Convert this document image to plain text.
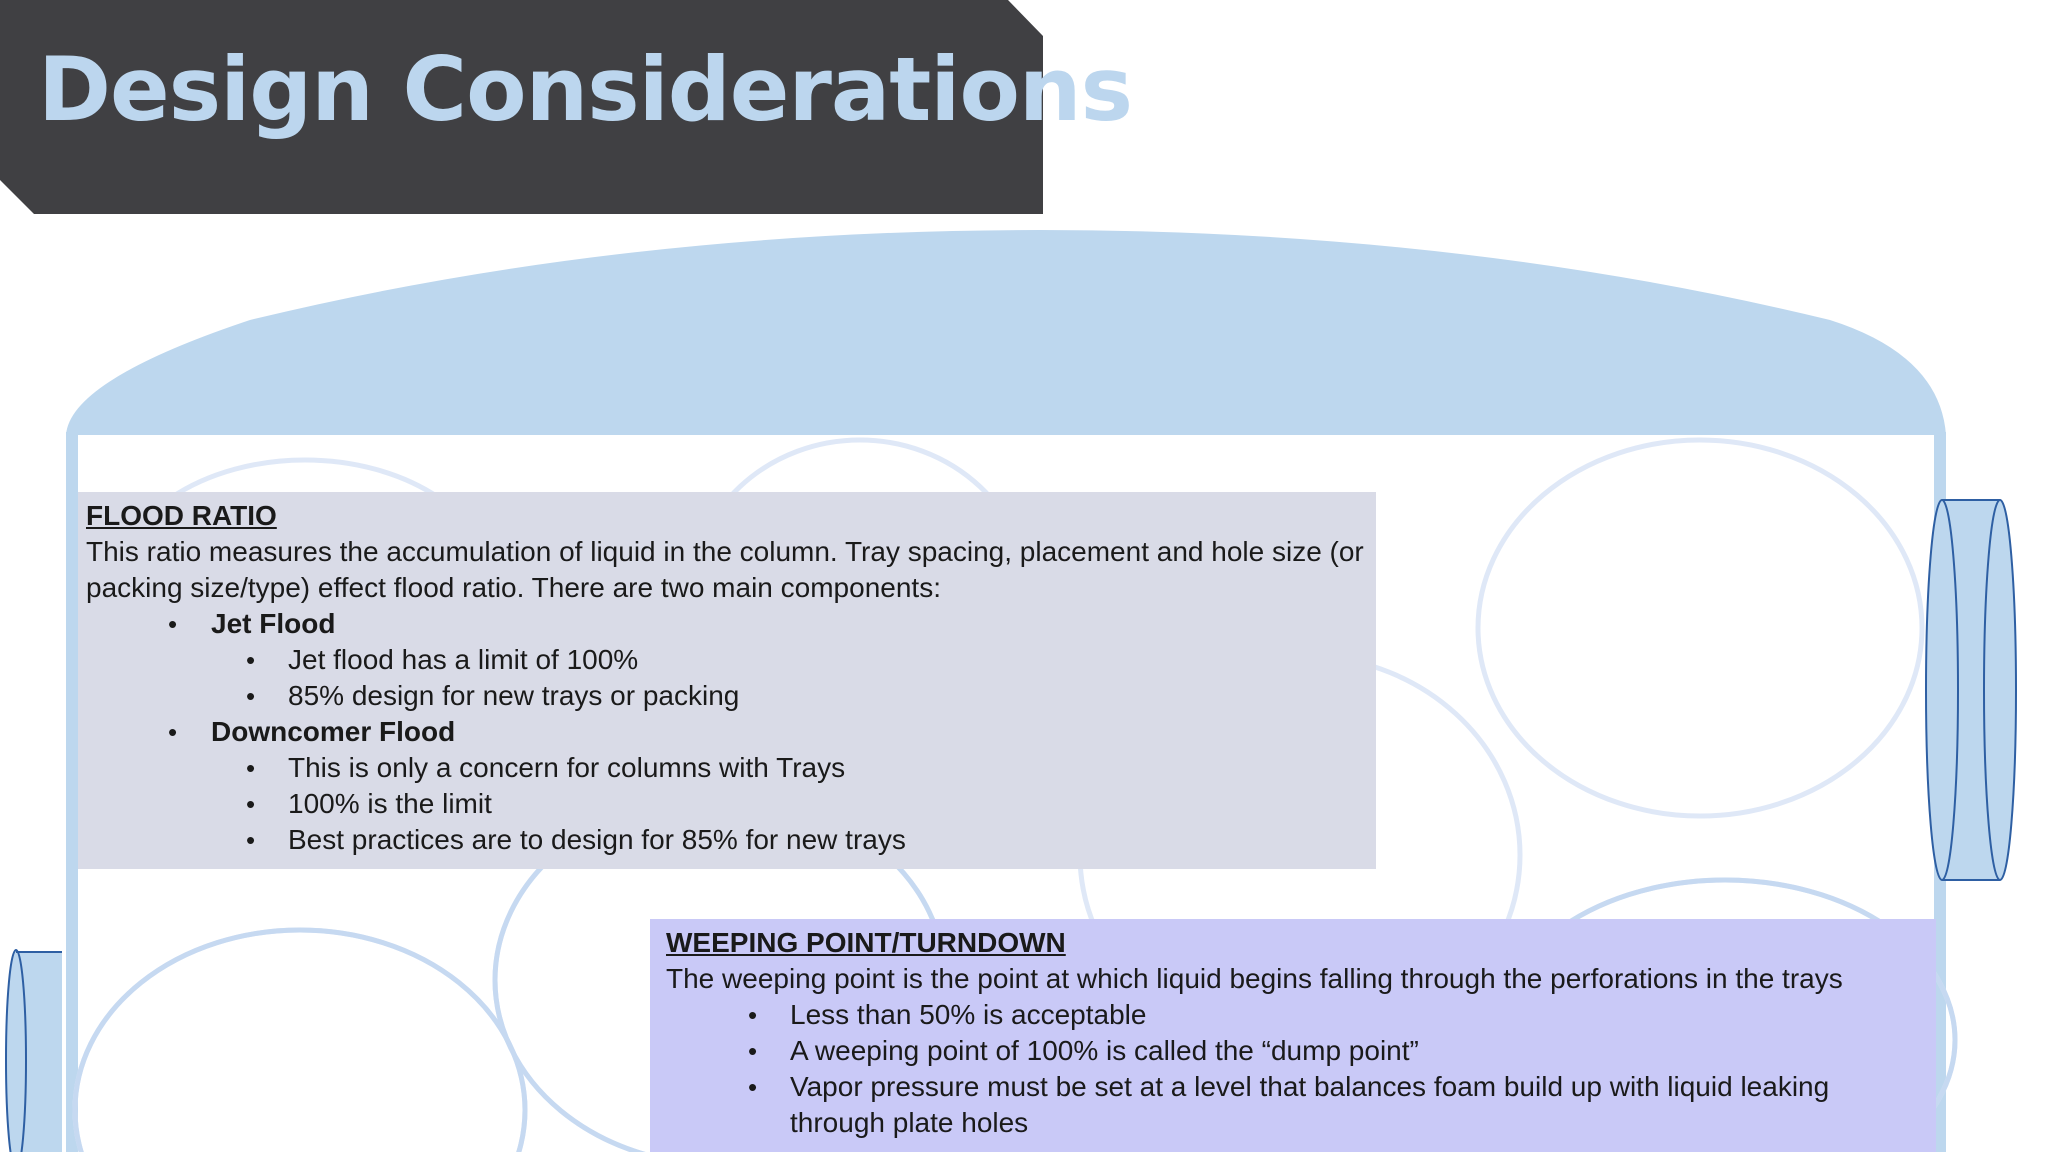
Design Considerations
FLOOD RATIO
This ratio measures the accumulation of liquid in the column. Tray spacing, placement and hole size (or packing size/type) effect flood ratio. There are two main components:
• Jet Flood
• Jet flood has a limit of 100%
• 85% design for new trays or packing
• Downcomer Flood
• This is only a concern for columns with Trays
• 100% is the limit
• Best practices are to design for 85% for new trays
WEEPING POINT/TURNDOWN
The weeping point is the point at which liquid begins falling through the perforations in the trays
• Less than 50% is acceptable
• A weeping point of 100% is called the “dump point”
• Vapor pressure must be set at a level that balances foam build up with liquid leaking through plate holes
